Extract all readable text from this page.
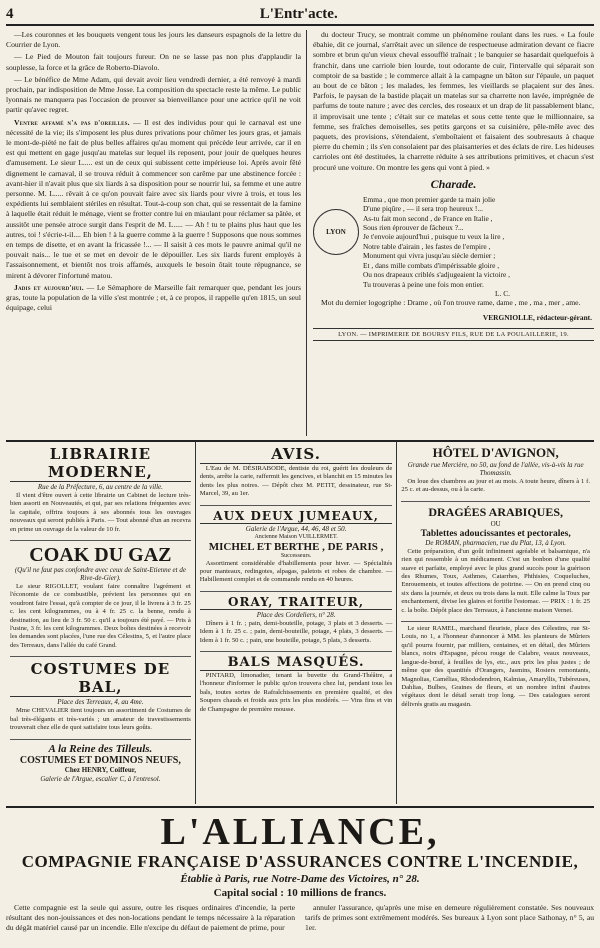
4	L'Entr'acte.

—Les couronnes et les bouquets vengent tous les jours les danseurs espagnols de la lettre du Courrier de Lyon.

— Le Pied de Mouton fait toujours fureur. On ne se lasse pas non plus d'applaudir la souplesse, la force et la grâce de Roberto-Diavolo.

— Le bénéfice de Mme Adam, qui devait avoir lieu vendredi dernier, a été renvoyé à mardi prochain, par indisposition de Mme Josse. La composition du spectacle reste la même. Le public lyonnais ne manquera pas l'occasion de prouver sa bienveillance pour une actrice qu'il ne voit partir qu'avec regret.

Ventre affamé n'a pas d'oreilles. — Il est des individus pour qui le carnaval est une nécessité de la vie; ils s'imposent les plus dures privations pour chômer les jours gras, et jamais le mont-de-piété ne fait de plus belles affaires qu'au moment qui précède leur arrivée, car il en est qui mettent en gage jusqu'au matelas sur lequel ils reposent, pour jouir de quelques heures d'amusement. Le sieur L..... est un de ceux qui subissent cette impérieuse loi. Après avoir fêté dignement le carnaval, il se trouva réduit à commencer son carême par une abstinence forcée : avant-hier il n'avait plus que six liards à sa disposition pour se nourrir lui, sa femme et une autre personne. M. L..... rêvait à ce qu'on pouvait faire avec six liards pour vivre à trois, et tous les expédients lui semblaient stériles en résultat. Tout-à-coup son chat, qui se ressentait de la famine à laquelle était réduit le ménage, vient se frotter contre lui en miaulant pour réclamer sa pâtée, et aussitôt une pensée atroce surgit dans l'esprit de M. L..... — Ah ! tu te plains plus haut que les autres, toi ! s'écrie-t-il.... Eh bien ! à la guerre comme à la guerre ! Supposons que nous sommes en temps de disette, et en avant la fricassée !... — Il saisit à ces mots le pauvre animal qu'il ne pouvait nais... le tue et se met en devoir de le dépouiller. Les six liards furent employés à l'assaisonnement, et bientôt nos trois affamés, auxquels le besoin ôtait toute répugnance, se mirent à dévorer l'infortuné matou.

Jadis et aujourd'hui. — Le Sémaphore de Marseille fait remarquer que, pendant les jours gras, toute la population de la ville s'est montrée ; et, à ce propos, il rappelle qu'en 1815, un seul équipage, celui

du docteur Trucy, se montrait comme un phénomène roulant dans les rues. « La foule ébahie, dit ce journal, s'arrêtait avec un silence de respectueuse admiration devant ce fiacre sombre et brun qu'un vieux cheval essoufflé traînait ; le banquier se hasardait quelquefois à franchir, dans une carriole bien lourde, tout odorante de cuir, l'intervalle qui séparait son comptoir de sa bastide ; le commerce allait à la campagne un bâton sur l'épaule, un paquet au bout de ce bâton ; les malades, les femmes, les vieillards se plaçaient sur des ânes. Parfois, le paysan de la bastide plaçait un matelas sur sa charrette non lavée, imprégnée de parfums de toute nature ; avec des cercles, des roseaux et un drap de lit passablement blanc, il improvisait une tente ; c'était sur ce matelas et sous cette tente que le millionnaire, sa femme, ses fraîches demoiselles, ses petits garçons et sa cuisinière, pêle-mêle avec des paquets, des provisions, s'étendaient, s'emboîtaient et faisaient des soubresauts à chaque pierre du chemin ; ils s'en consolaient par des plaisanteries et des éclats de rire. Les hideuses carrioles ont été destituées, la charrette réduite à ses attributions primitives, et chacun s'est procuré une voiture. On montre les gens qui vont à pied. »

Charade.
LYON
Emma , que mon premier garde ta main jolie
D'une piqûre , — il sera trop heureux !...
As-tu fait mon second , de France en Italie ,
Sous rien éprouver de fâcheux ?...
Je t'envoie aujourd'hui , puisque tu veux la lire ,
Notre table d'airain , les fastes de l'empire ,
Monument qui vivra jusqu'au siècle dernier ;
Et , dans mille combats d'impérissable gloire ,
Ou nos drapeaux criblés s'adjugeaient la victoire ,
Tu trouveras à peine une fois mon entier.
L. C.

Mot du dernier logogriphe : Drame , où l'on trouve rame, dame , me , ma , mer , ame.

VERGNIOLLE, rédacteur-gérant.
LYON. — IMPRIMERIE DE BOURSY FILS, RUE DE LA POULAILLERIE, 19.
LIBRAIRIE MODERNE,
Rue de la Préfecture, 6, au centre de la ville.

Il vient d'être ouvert à cette librairie un Cabinet de lecture très-bien assorti en Nouveautés, et qui, par ses relations fréquentes avec la capitale, offrira toujours à ses abonnés tous les ouvrages nouveaux qui seront publiés à Paris. — Tout abonné d'un an recevra en prime un ouvrage de la valeur de 10 fr.

COAK DU GAZ
(Qu'il ne faut pas confondre avec ceux de Saint-Etienne et de Rive-de-Gier).

Le sieur RIGOLLET, voulant faire connaître l'agrément et l'économie de ce combustible, prévient les personnes qui en voudront faire l'essai, qu'à compter de ce jour, il le livrera à 3 fr. 25 c. les cent kilogrammes, ou à 4 fr. 25 c. la benne, rendu à destination, au lieu de 3 fr. 50 c. qu'il a toujours été payé. — Pris à l'usine, 3 fr. les cent kilogrammes. Deux boîtes destinées à recevoir les demandes sont placées, l'une rue des Célestins, 5, et l'autre place des Terreaux, dans l'allée du café Grand.

COSTUMES DE BAL,
Place des Terreaux, 4, au 4me.

Mme CHEVALIER tient toujours un assortiment de Costumes de bal très-élégants et très-variés ; un amateur de travestissements trouverait chez elle de quoi satisfaire tous leurs goûts.

A la Reine des Tilleuls.
COSTUMES ET DOMINOS NEUFS,
Chez HENRY, Coiffeur,
Galerie de l'Argue, escalier C, à l'entresol.
AVIS.

L'Eau de M. DÉSIRABODE, dentiste du roi, guérit les douleurs de dents, arrête la carie, raffermit les gencives, et blanchit en 15 minutes les dents les plus noires. — Dépôt chez M. PETIT, dessinateur, rue St-Marcel, 39, au 1er.

AUX DEUX JUMEAUX,
Galerie de l'Argue, 44, 46, 48 et 50.
Ancienne Maison VUILLERMET.
MICHEL ET BERTHE , DE PARIS ,
Successeurs.

Assortiment considérable d'habillements pour hiver. — Spécialités pour manteaux, redingotes, alpagas, paletots et robes de chambre. — Habillement complet et de commande rendu en 40 heures.

ORAY, TRAITEUR,
Place des Cordeliers, n° 28.

Dîners à 1 fr. ; pain, demi-bouteille, potage, 3 plats et 3 desserts. — Idem à 1 fr. 25 c. ; pain, demi-bouteille, potage, 4 plats, 3 desserts. — Idem à 1 fr. 50 c. ; pain, une bouteille, potage, 5 plats, 3 desserts.

BALS MASQUÉS.

PINTARD, limonadier, tenant la buvette du Grand-Théâtre, a l'honneur d'informer le public qu'on trouvera chez lui, pendant tous les bals, toutes sortes de Rafraîchissements en première qualité, et des Soupers chauds et froids aux prix les plus modérés. — Vins fins et vin de Champagne de première mousse.

HÔTEL D'AVIGNON,
Grande rue Mercière, no 50, au fond de l'allée, vis-à-vis la rue Thomassin.

On loue des chambres au jour et au mois. A toute heure, dîners à 1 f. 25 c. et au-dessus, ou à la carte.

DRAGÉES ARABIQUES,
OU
Tablettes adoucissantes et pectorales,
De ROMAN, pharmacien, rue du Plat, 13, à Lyon.

Cette préparation, d'un goût infiniment agréable et balsamique, n'a rien qui ressemble à un médicament. C'est un bonbon d'une qualité suave et parfaite, employé avec le plus grand succès pour la guérison des Rhumes, Toux, Asthmes, Catarrhes, Phthisies, Coqueluches, Enrouements, et toutes affections de poitrine. — On en prend cinq ou six dans la journée, et deux ou trois dans la nuit. Elle calme la Toux par enchantement, divise les glaires et fortifie l'estomac. — PRIX : 1 fr. 25 c. la boîte. Dépôt place des Terreaux, à l'ancienne maison Vernet.

Le sieur RAMEL, marchand fleuriste, place des Célestins, rue St-Louis, no 1, a l'honneur d'annoncer à MM. les planteurs de Mûriers qu'il pourra fournir, par milliers, centaines, et en détail, des Mûriers blancs, noirs d'Espagne, pécou rouge de Calabre, veaux nouveaux, langue-de-bœuf, à feuilles de lys, etc., aux prix les plus justes ; de même que des quantités d'Orangers, Jasmins, Rosiers remontants, Magnolias, Camélias, Rhododendron, Kalmias, Amaryllis, Tubéreuses, Dahlias, Bulbes, Graines de fleurs, et un nombre infini d'autres végétaux dont le détail serait trop long. — Des catalogues seront délivrés gratis au magasin.

L'ALLIANCE,
COMPAGNIE FRANÇAISE D'ASSURANCES CONTRE L'INCENDIE,
Établie à Paris, rue Notre-Dame des Victoires, n° 28.
Capital social : 10 millions de francs.

Cette compagnie est la seule qui assure, outre les risques ordinaires d'incendie, la perte résultant des non-jouissances et des non-locations pendant le temps nécessaire à la réparation du dégât matériel causé par un incendie. Elle n'excipe du défaut de paiement de prime, pour

annuler l'assurance, qu'après une mise en demeure régulièrement constatée. Ses nouveaux tarifs de primes sont extrêmement modérés. Ses bureaux à Lyon sont place Sathonay, n° 5, au 1er.
